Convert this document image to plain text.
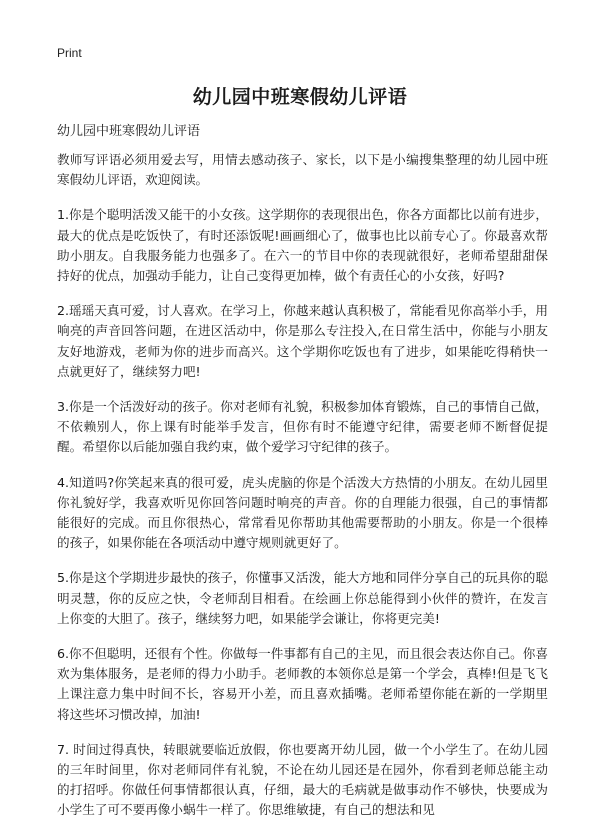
Print
幼儿园中班寒假幼儿评语
幼儿园中班寒假幼儿评语

教师写评语必须用爱去写，用情去感动孩子、家长，以下是小编搜集整理的幼儿园中班寒假幼儿评语，欢迎阅读。

1.你是个聪明活泼又能干的小女孩。这学期你的表现很出色，你各方面都比以前有进步，最大的优点是吃饭快了，有时还添饭呢!画画细心了，做事也比以前专心了。你最喜欢帮助小朋友。自我服务能力也强多了。在六一的节目中你的表现就很好，老师希望甜甜保持好的优点，加强动手能力，让自己变得更加棒，做个有责任心的小女孩，好吗?

2.瑶瑶天真可爱，讨人喜欢。在学习上，你越来越认真积极了，常能看见你高举小手，用响亮的声音回答问题，在进区活动中，你是那么专注投入,在日常生活中，你能与小朋友友好地游戏，老师为你的进步而高兴。这个学期你吃饭也有了进步，如果能吃得稍快一点就更好了，继续努力吧!

3.你是一个活泼好动的孩子。你对老师有礼貌，积极参加体育锻炼，自己的事情自己做，不依赖别人，你上课有时能举手发言，但你有时不能遵守纪律，需要老师不断督促提醒。希望你以后能加强自我约束，做个爱学习守纪律的孩子。

4.知道吗?你笑起来真的很可爱，虎头虎脑的你是个活泼大方热情的小朋友。在幼儿园里你礼貌好学，我喜欢听见你回答问题时响亮的声音。你的自理能力很强，自己的事情都能很好的完成。而且你很热心，常常看见你帮助其他需要帮助的小朋友。你是一个很棒的孩子，如果你能在各项活动中遵守规则就更好了。

5.你是这个学期进步最快的孩子，你懂事又活泼，能大方地和同伴分享自己的玩具你的聪明灵慧，你的反应之快，令老师刮目相看。在绘画上你总能得到小伙伴的赞许，在发言上你变的大胆了。孩子，继续努力吧，如果能学会谦让，你将更完美!

6.你不但聪明，还很有个性。你做每一件事都有自己的主见，而且很会表达你自己。你喜欢为集体服务，是老师的得力小助手。老师教的本领你总是第一个学会，真棒!但是飞飞上课注意力集中时间不长，容易开小差，而且喜欢插嘴。老师希望你能在新的一学期里将这些坏习惯改掉，加油!

7. 时间过得真快，转眼就要临近放假，你也要离开幼儿园，做一个小学生了。在幼儿园的三年时间里，你对老师同伴有礼貌，不论在幼儿园还是在园外，你看到老师总能主动的打招呼。你做任何事情都很认真，仔细，最大的毛病就是做事动作不够快，快要成为小学生了可不要再像小蜗牛一样了。你思维敏捷，有自己的想法和见
